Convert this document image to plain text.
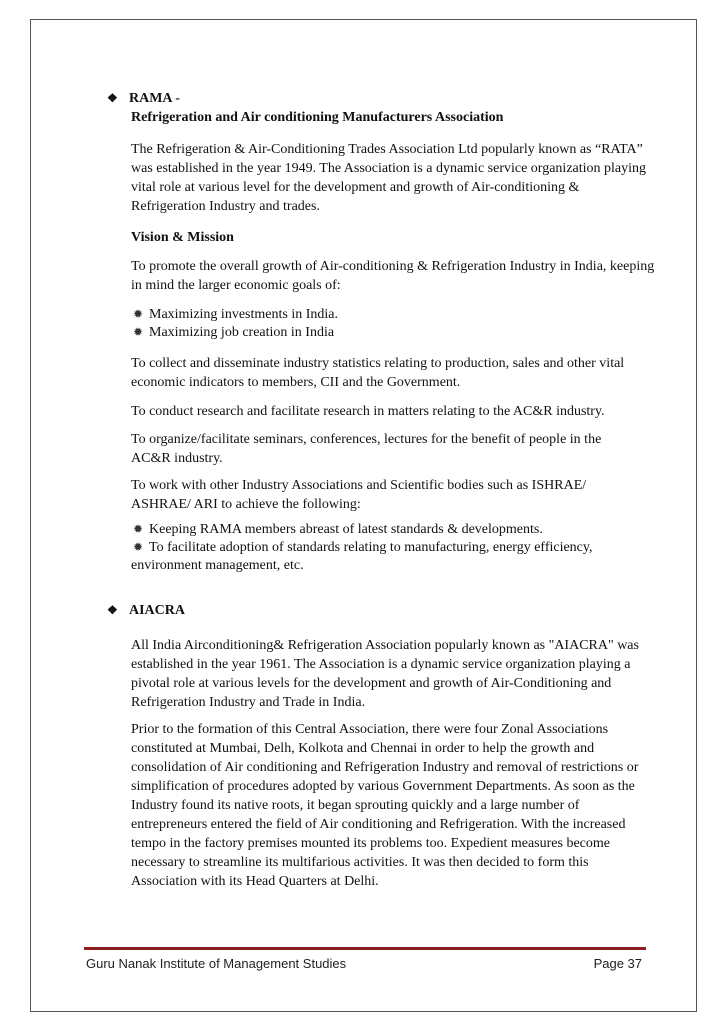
❖ RAMA -
Refrigeration and Air conditioning Manufacturers Association
The Refrigeration & Air-Conditioning Trades Association Ltd popularly known as “RATA” was established in the year 1949. The Association is a dynamic service organization playing vital role at various level for the development and growth of Air-conditioning & Refrigeration Industry and trades.
Vision & Mission
To promote the overall growth of Air-conditioning & Refrigeration Industry in India, keeping in mind the larger economic goals of:
✹ Maximizing investments in India.
✹ Maximizing job creation in India
To collect and disseminate industry statistics relating to production, sales and other vital economic indicators to members, CII and the Government.
To conduct research and facilitate research in matters relating to the AC&R industry.
To organize/facilitate seminars, conferences, lectures for the benefit of people in the AC&R industry.
To work with other Industry Associations and Scientific bodies such as ISHRAE/ ASHRAE/ ARI to achieve the following:
✹ Keeping RAMA members abreast of latest standards & developments.
✹ To facilitate adoption of standards relating to manufacturing, energy efficiency,
environment management, etc.
❖ AIACRA
All India Airconditioning& Refrigeration Association popularly known as "AIACRA" was established in the year 1961. The Association is a dynamic service organization playing a pivotal role at various levels for the development and growth of Air-Conditioning and Refrigeration Industry and Trade in India.
Prior to the formation of this Central Association, there were four Zonal Associations constituted at Mumbai, Delh, Kolkota and Chennai in order to help the growth and consolidation of Air conditioning and Refrigeration Industry and removal of restrictions or simplification of procedures adopted by various Government Departments. As soon as the Industry found its native roots, it began sprouting quickly and a large number of entrepreneurs entered the field of Air conditioning and Refrigeration. With the increased tempo in the factory premises mounted its problems too. Expedient measures become necessary to streamline its multifarious activities. It was then decided to form this Association with its Head Quarters at Delhi.
Guru Nanak Institute of Management Studies	Page 37
